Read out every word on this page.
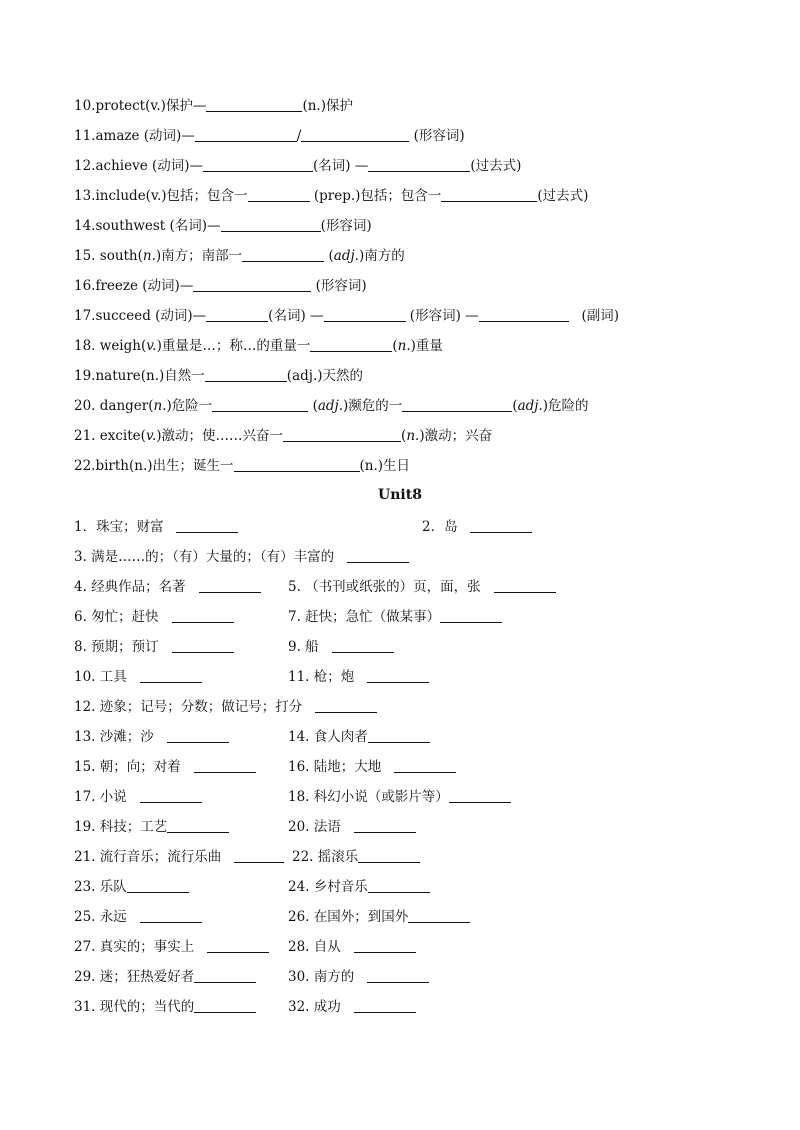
10.protect(v.)保护—	(n.)保护
11.amaze (动词)—	/	(形容词)
12.achieve (动词)—	(名词) —	(过去式)
13.include(v.)包括；包含一	(prep.)包括；包含一	(过去式)
14.southwest (名词)—	(形容词)
15. south(n.)南方；南部一	(adj.)南方的
16.freeze (动词)—	(形容词)
17.succeed (动词)—	(名词) —	(形容词) —	(副词)
18. weigh(v.)重量是…；称…的重量一	(n.)重量
19.nature(n.)自然一	(adj.)天然的
20. danger(n.)危险一	(adj.)濒危的一	(adj.)危险的
21. excite(v.)激动；使……兴奋一	(n.)激动；兴奋
22.birth(n.)出生；诞生一	(n.)生日
Unit8
1．珠宝；财富	2．岛
3. 满是……的；（有）大量的；（有）丰富的
4. 经典作品；名著	5. （书刊或纸张的）页，面，张
6. 匆忙；赶快	7. 赶快；急忙（做某事）
8. 预期；预订	9. 船
10. 工具	11. 枪；炮
12. 迹象；记号；分数；做记号；打分
13. 沙滩；沙	14. 食人肉者
15. 朝；向；对着	16. 陆地；大地
17. 小说	18. 科幻小说（或影片等）
19. 科技；工艺	20. 法语
21. 流行音乐；流行乐曲	22. 摇滚乐
23. 乐队	24. 乡村音乐
25. 永远	26. 在国外；到国外
27. 真实的；事实上	28. 自从
29. 迷；狂热爱好者	30. 南方的
31. 现代的；当代的	32. 成功
